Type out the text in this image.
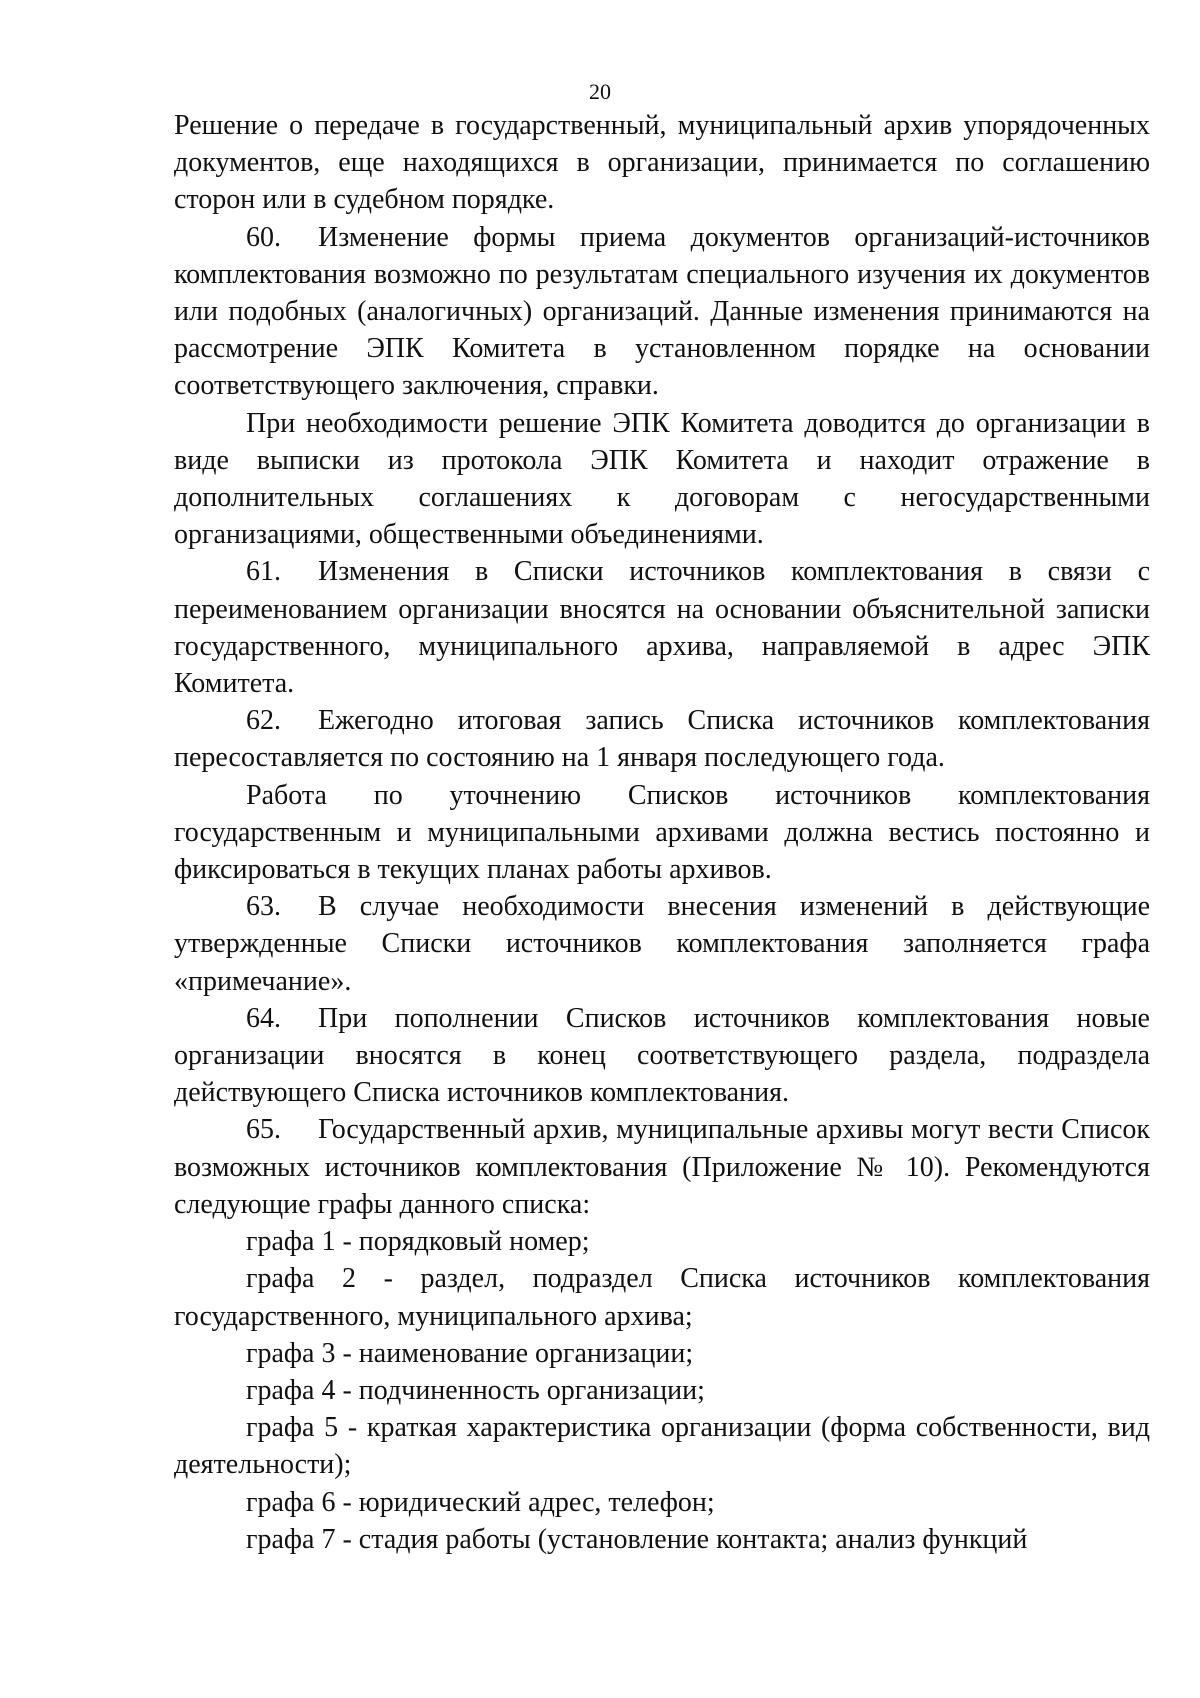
20

Решение о передаче в государственный, муниципальный архив упорядоченных документов, еще находящихся в организации, принимается по соглашению сторон или в судебном порядке.

60. Изменение формы приема документов организаций-источников комплектования возможно по результатам специального изучения их документов или подобных (аналогичных) организаций. Данные изменения принимаются на рассмотрение ЭПК Комитета в установленном порядке на основании соответствующего заключения, справки.

При необходимости решение ЭПК Комитета доводится до организации в виде выписки из протокола ЭПК Комитета и находит отражение в дополнительных соглашениях к договорам с негосударственными организациями, общественными объединениями.

61. Изменения в Списки источников комплектования в связи с переименованием организации вносятся на основании объяснительной записки государственного, муниципального архива, направляемой в адрес ЭПК Комитета.

62. Ежегодно итоговая запись Списка источников комплектования пересоставляется по состоянию на 1 января последующего года.

Работа по уточнению Списков источников комплектования государственным и муниципальными архивами должна вестись постоянно и фиксироваться в текущих планах работы архивов.

63. В случае необходимости внесения изменений в действующие утвержденные Списки источников комплектования заполняется графа «примечание».

64. При пополнении Списков источников комплектования новые организации вносятся в конец соответствующего раздела, подраздела действующего Списка источников комплектования.

65. Государственный архив, муниципальные архивы могут вести Список возможных источников комплектования (Приложение № 10). Рекомендуются следующие графы данного списка:

графа 1 - порядковый номер;

графа 2 - раздел, подраздел Списка источников комплектования государственного, муниципального архива;

графа 3 - наименование организации;

графа 4 - подчиненность организации;

графа 5 - краткая характеристика организации (форма собственности, вид деятельности);

графа 6 - юридический адрес, телефон;

графа 7 - стадия работы (установление контакта; анализ функций
